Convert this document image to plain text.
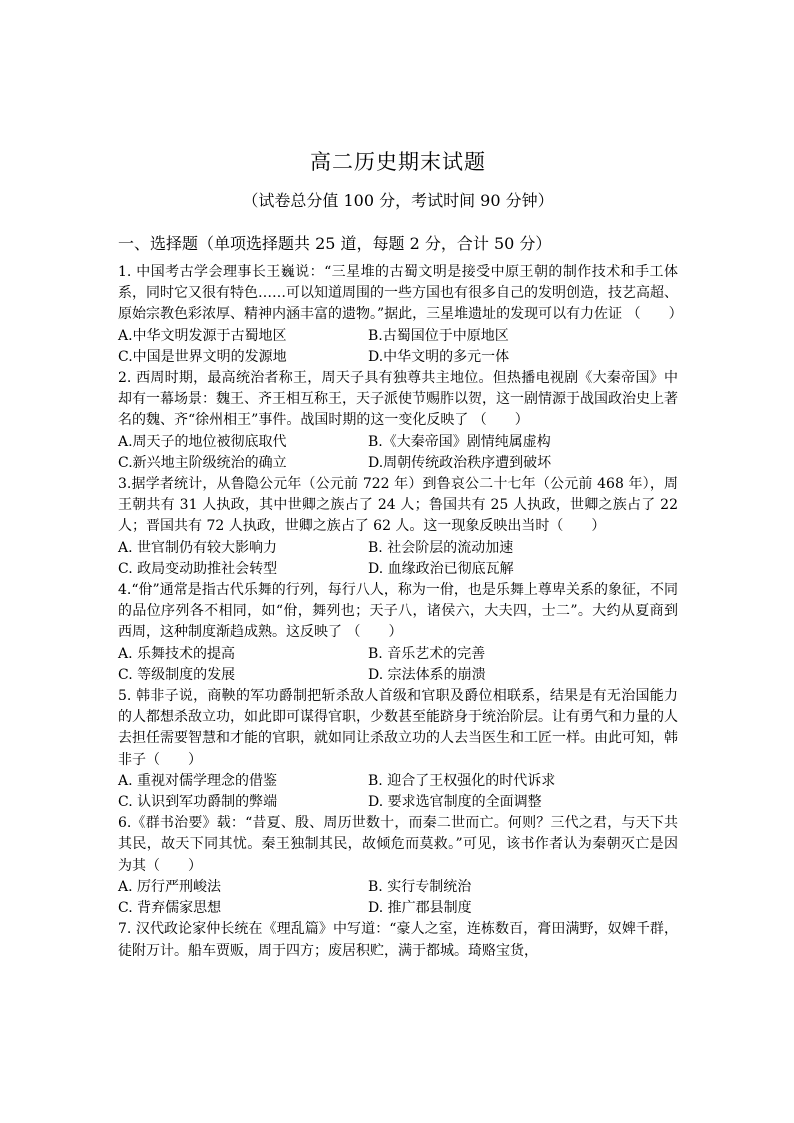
高二历史期末试题
（试卷总分值 100 分，考试时间 90 分钟）
一、选择题（单项选择题共 25 道，每题 2 分，合计 50 分）
1. 中国考古学会理事长王巍说：“三星堆的古蜀文明是接受中原王朝的制作技术和手工体系，同时它又很有特色……可以知道周围的一些方国也有很多自己的发明创造，技艺高超、原始宗教色彩浓厚、精神内涵丰富的遗物。”据此，三星堆遗址的发现可以有力佐证 （　　）
A.中华文明发源于古蜀地区	B.古蜀国位于中原地区
C.中国是世界文明的发源地	D.中华文明的多元一体
2. 西周时期，最高统治者称王，周天子具有独尊共主地位。但热播电视剧《大秦帝国》中却有一幕场景：魏王、齐王相互称王，天子派使节赐胙以贺，这一剧情源于战国政治史上著名的魏、齐“徐州相王”事件。战国时期的这一变化反映了 （　　）
A.周天子的地位被彻底取代	B.《大秦帝国》剧情纯属虚构
C.新兴地主阶级统治的确立	D.周朝传统政治秩序遭到破坏
3.据学者统计，从鲁隐公元年（公元前 722 年）到鲁哀公二十七年（公元前 468 年），周王朝共有 31 人执政，其中世卿之族占了 24 人；鲁国共有 25 人执政，世卿之族占了 22 人；晋国共有 72 人执政，世卿之族占了 62 人。这一现象反映出当时（　　）
A. 世官制仍有较大影响力	B. 社会阶层的流动加速
C. 政局变动助推社会转型	D. 血缘政治已彻底瓦解
4.“佾”通常是指古代乐舞的行列，每行八人，称为一佾，也是乐舞上尊卑关系的象征，不同的品位序列各不相同，如“佾，舞列也；天子八，诸侯六，大夫四，士二”。大约从夏商到西周，这种制度渐趋成熟。这反映了 （　　）
A. 乐舞技术的提高	B. 音乐艺术的完善
C. 等级制度的发展	D. 宗法体系的崩溃
5. 韩非子说，商鞅的军功爵制把斩杀敌人首级和官职及爵位相联系，结果是有无治国能力的人都想杀敌立功，如此即可谋得官职，少数甚至能跻身于统治阶层。让有勇气和力量的人去担任需要智慧和才能的官职，就如同让杀敌立功的人去当医生和工匠一样。由此可知，韩非子（　　）
A. 重视对儒学理念的借鉴	B. 迎合了王权强化的时代诉求
C. 认识到军功爵制的弊端	D. 要求选官制度的全面调整
6.《群书治要》载：“昔夏、殷、周历世数十，而秦二世而亡。何则？三代之君，与天下共其民，故天下同其忧。秦王独制其民，故倾危而莫救。”可见，该书作者认为秦朝灭亡是因为其（　　）
A. 厉行严刑峻法	B. 实行专制统治
C. 背弃儒家思想	D. 推广郡县制度
7. 汉代政论家仲长统在《理乱篇》中写道：“豪人之室，连栋数百，膏田满野，奴婢千群，徒附万计。船车贾贩，周于四方；废居积贮，满于都城。琦赂宝货，
